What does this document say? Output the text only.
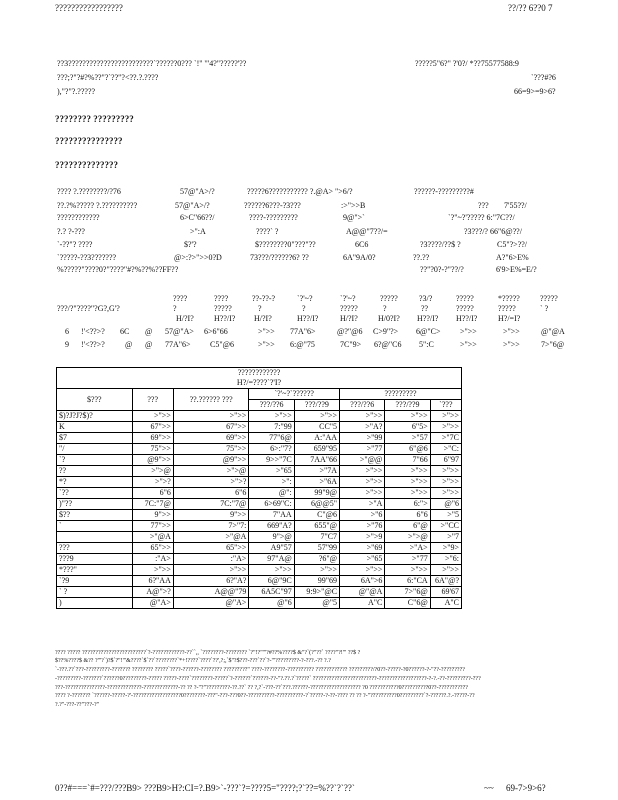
?????????????????	??/?? 6??0 7
??3????????????????????????`??????0??? `!" '"4?"?????'??	?????5"6?" ?'0?/ *??75577588:9
???;?"?#?%??"?`??"?<??.?.????	`???#?6
),"?"?.?????	66=9>=9>6?
???????? ?????????
???????????????
??????????????
???? ?.????????/?76	57@"A>/?	?????6??????????? ?.@A> ">6/?	??????-?????????#
??.?%????? ?.??????????	57@"A>/?	??????6???-?3???	:>">>B	??? 7'55??/
????????????	6>C"66??/	????-?????????	9@">`	`?"~?'????? 6:"7C??/
?.? ?-???	>":A	????` ?	A@@"7??/=	?3???/? 66"6@??/
`-??"? ????	$?'?	$????????0"???"??	6C6	?3????/??$ ?	C5"?>??/
`?????-??3???????	@>:?>">>0?D	73???/??????6? ??	6A"9A/0?	??.??	A?"6>E%
%?????"????0?"????"#?%??%??FF??	??"?0?-?"??/?	6'9>E%=E/?
????	????	??-??-?	`?'~?	`?'~?	?????	?3/?	?????	*?????	?????
???/?"????"?G?,G'?	?	?????	?	?	?????	?	??	?????	?????	` ?
H/?I?	H??/I? H/?I?	H??/I?	H/?I?	H/0?I? H??/I? H??/I?	H?/=I?
6 !'<??>? 6C @ 57@"A> 6>6"66	>">> 77A"6>	@?"@6 C>9"?> 6@"C> >">>	>">>	@"@A
9 !'<??>?	@ @ 77A"6> C5"@6	>">> 6:@"75	7C"9> 6?@"C6 5":C	>">>	>">>	7>"6@
????????????
H?/=????`?'I?							

$???	???	??.?????? ???	`?'~?`??????		?????????		
			???/??6	???/??9	???/??6	???/??9	`???
$)?J?J?$)?	>">>	>">>	>">>	>">>	>">>	>">>	>">>
K	67">>	67">>	7:"99	CC"5	>"A?	6"5>	>">>
$7	69">>	69">>	77"6@	A:"AA	>"99	>"57	>"7C
"/	75">>	75">>	6>:"7?	659"95	>"77	6"@6	>"C:
`?	@9">>	@9">>	9>>"7C	7AA"66	>"@@	7"66	6"97
??	>">@	>">@	>"65	>"7A	>">>	>">>	>">>
*?	>">?	>">?	>":	>"6A	>">>	>">>	>">>
`??	6"6	6"6	@":	99"9@	>">>	>">>	>">>
)"??	7C:"7@	7C:"7@	6>69"C:	6@@5"	>"A	6:">	@"6
$??	9">>	9">>	7"AA	C"@6	>"6	6"6	>"5
`	77">>	7>"7:	669"A?	655"@	>"76	6"@	>"CC
	>"@A	>"@A	9">@	7"C7	>">9	>">@	>"7
???	65">>	65">>	A9"57	57"99	>"69	>"A>	>"9>
???9	:"A>	:"A>	97"A@	?6"@	>"65	>"77	>"6:
*???"	>">>	>">>	>">>	>">>	>">>	>">>	>">>
`?9	6?"AA	6?"A?	6@"9C	99"69	6A">6	6:"CA	6A"@?
` ?	A@">?	A@@"79	6A5C"97	9:9>"@C	@"@A	7>"6@	69'67
)	@"A>	@"A>	@"6	@"5	A"C	C"6@	A"C
???? ????? ????????????????????????`?-????????????-??``,, `????????-???????? `?"!?"'"?#??%????$ &"?`(?"??` ????"?!'" ??$ ?
$??%????$ &?? ?"'?`)?$`?"!'"&????`$`??`????????`*+!????`????`??',?;,`$"?$???-???`??`?-"'?????????-?-???.-?? ?.?
`-???.??`???-?????????-??????? ???????? ?????`????-??????-???????? ?????????" ????-????????-?????????? ???????????? ?????????/?0??-?????-?0??????-?-"??-?????????
-?????????-???????`??????0?????????-????? ?????-????`????????-?????`?-??????`??????-??-"?.??.?`?????` ????????????????????????-??????????????????-?-?.-??-?????????-???
???-???????????????-?????????????-?????????????-?? ?? ?-"?"?????????-??.??` ?? ?,?`-???-??`???.??????-??????????????????? ?0 ???????????0??????????0??-???????????
???? ?-??????? `??????-?????-?'-??????????????????0????????-???"-???-???0??-??????????-??????????-?`?????-?-??-???? ?? ?? ?-"??????????0?????????`?-??????.?.-?????-??
?.?"-???-??"???-?"
0??#===`#=???/???B9> ???B9>H?:CI=?.B9>`-???`?=????5="????;?`??=%??`?`??`	~~ 69-7>9>6?
